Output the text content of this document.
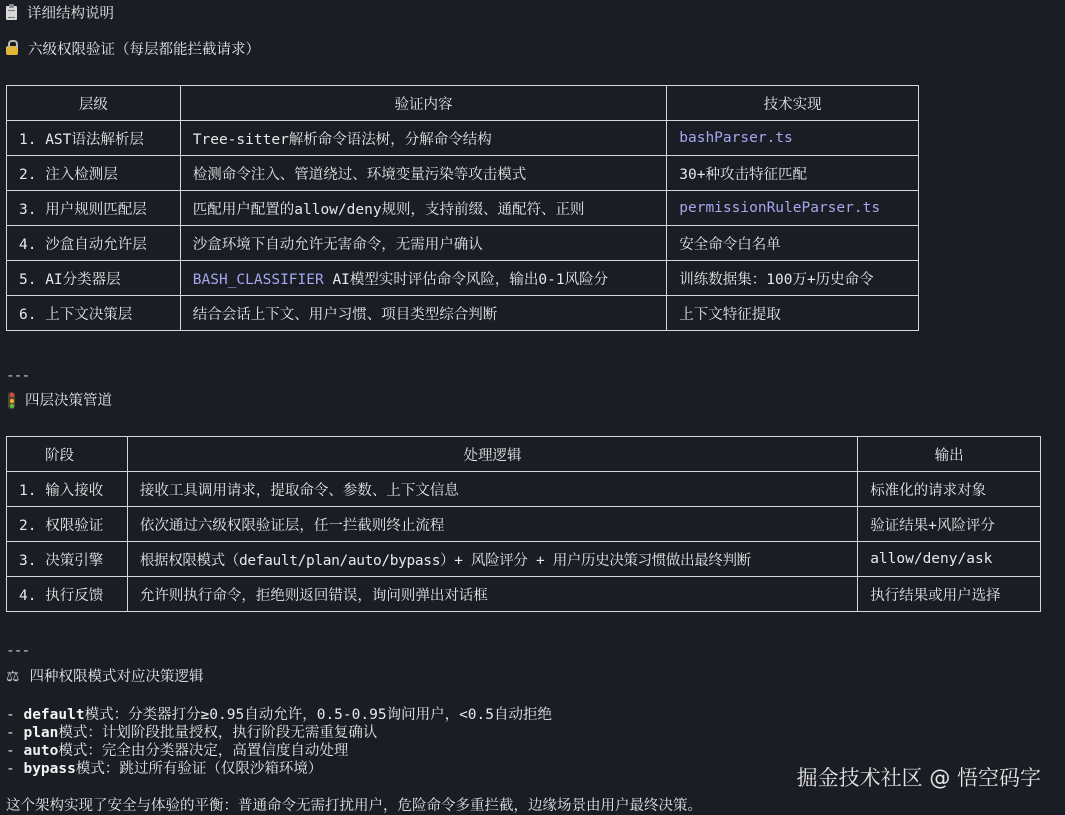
详细结构说明
六级权限验证（每层都能拦截请求）
层级	验证内容	技术实现
1. AST语法解析层	Tree-sitter解析命令语法树，分解命令结构	bashParser.ts
2. 注入检测层	检测命令注入、管道绕过、环境变量污染等攻击模式	30+种攻击特征匹配
3. 用户规则匹配层	匹配用户配置的allow/deny规则，支持前缀、通配符、正则	permissionRuleParser.ts
4. 沙盒自动允许层	沙盒环境下自动允许无害命令，无需用户确认	安全命令白名单
5. AI分类器层	BASH_CLASSIFIER AI模型实时评估命令风险，输出0-1风险分	训练数据集：100万+历史命令
6. 上下文决策层	结合会话上下文、用户习惯、项目类型综合判断	上下文特征提取
---
四层决策管道
阶段	处理逻辑	输出
1. 输入接收	接收工具调用请求，提取命令、参数、上下文信息	标准化的请求对象
2. 权限验证	依次通过六级权限验证层，任一拦截则终止流程	验证结果+风险评分
3. 决策引擎	根据权限模式（default/plan/auto/bypass）+ 风险评分 + 用户历史决策习惯做出最终判断	allow/deny/ask
4. 执行反馈	允许则执行命令，拒绝则返回错误，询问则弹出对话框	执行结果或用户选择
---
⚖ 四种权限模式对应决策逻辑
- default模式：分类器打分≥0.95自动允许，0.5-0.95询问用户，<0.5自动拒绝
- plan模式：计划阶段批量授权，执行阶段无需重复确认
- auto模式：完全由分类器决定，高置信度自动处理
- bypass模式：跳过所有验证（仅限沙箱环境）
这个架构实现了安全与体验的平衡：普通命令无需打扰用户，危险命令多重拦截，边缘场景由用户最终决策。
掘金技术社区 @ 悟空码字
